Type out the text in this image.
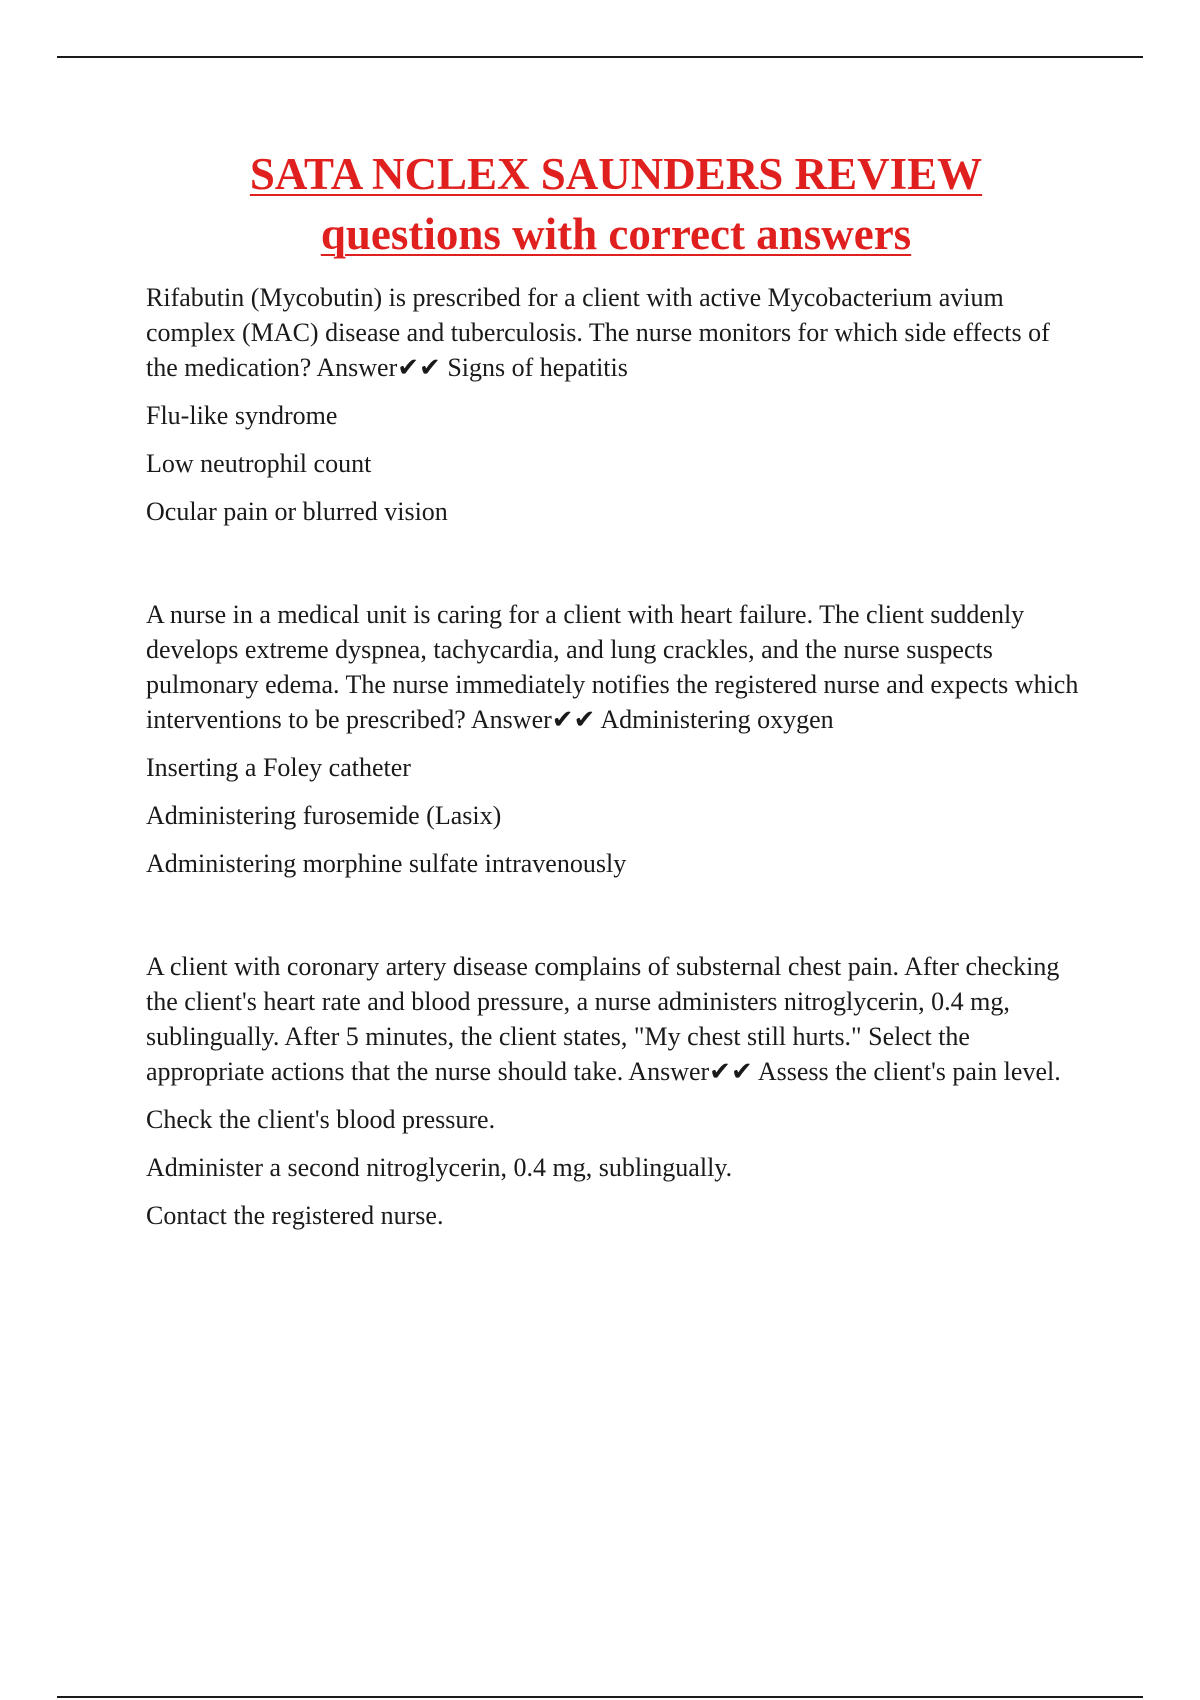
SATA NCLEX SAUNDERS REVIEW
questions with correct answers

Rifabutin (Mycobutin) is prescribed for a client with active Mycobacterium avium complex (MAC) disease and tuberculosis. The nurse monitors for which side effects of the medication? Answer✔✔ Signs of hepatitis

Flu-like syndrome

Low neutrophil count

Ocular pain or blurred vision

A nurse in a medical unit is caring for a client with heart failure. The client suddenly develops extreme dyspnea, tachycardia, and lung crackles, and the nurse suspects pulmonary edema. The nurse immediately notifies the registered nurse and expects which interventions to be prescribed? Answer✔✔ Administering oxygen

Inserting a Foley catheter

Administering furosemide (Lasix)

Administering morphine sulfate intravenously

A client with coronary artery disease complains of substernal chest pain. After checking the client's heart rate and blood pressure, a nurse administers nitroglycerin, 0.4 mg, sublingually. After 5 minutes, the client states, "My chest still hurts." Select the appropriate actions that the nurse should take. Answer✔✔ Assess the client's pain level.

Check the client's blood pressure.

Administer a second nitroglycerin, 0.4 mg, sublingually.

Contact the registered nurse.
